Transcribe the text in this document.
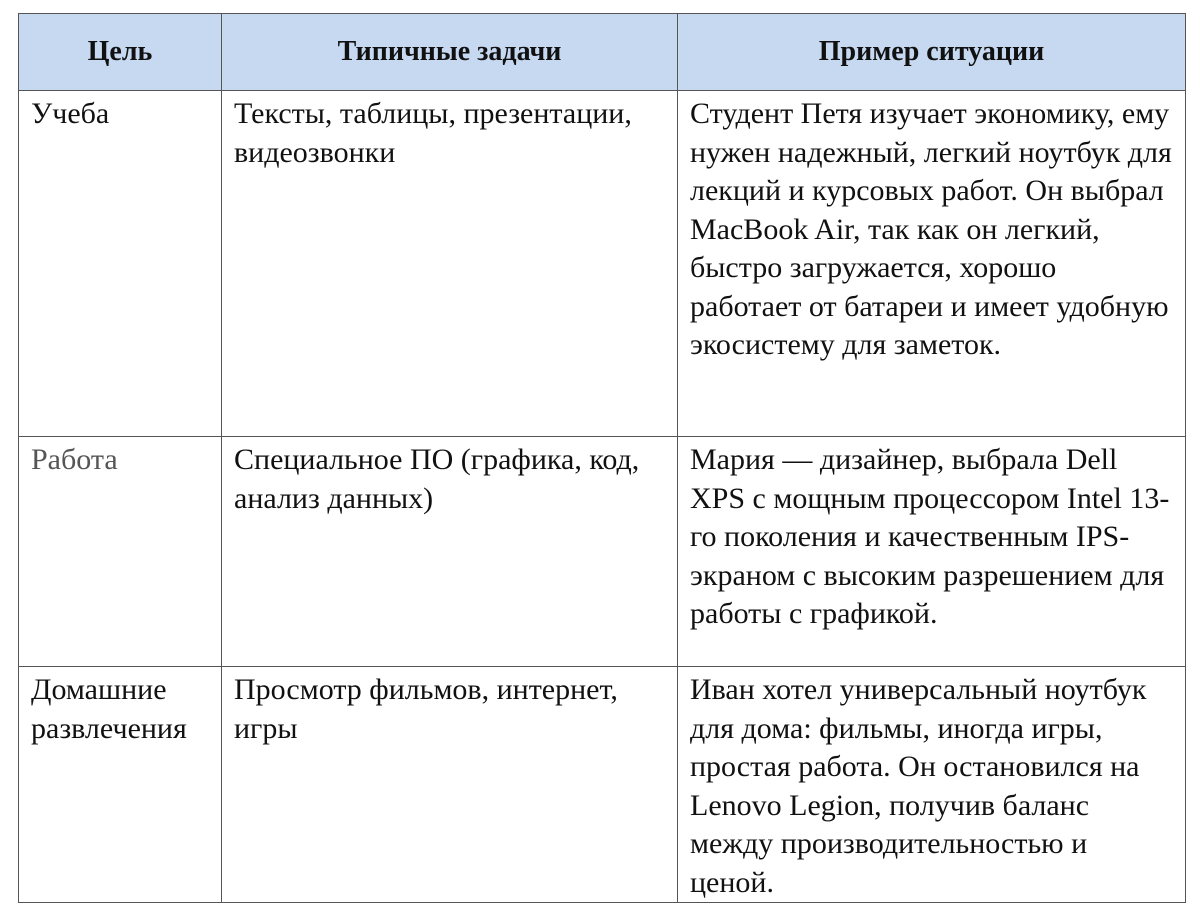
Цель	Типичные задачи	Пример ситуации
Учеба	Тексты, таблицы, презентации, видеозвонки	Студент Петя изучает экономику, ему нужен надежный, легкий ноутбук для лекций и курсовых работ. Он выбрал MacBook Air, так как он легкий, быстро загружается, хорошо работает от батареи и имеет удобную экосистему для заметок.
Работа	Специальное ПО (графика, код, анализ данных)	Мария — дизайнер, выбрала Dell XPS с мощным процессором Intel 13-го поколения и качественным IPS-экраном с высоким разрешением для работы с графикой.
Домашние развлечения	Просмотр фильмов, интернет, игры	Иван хотел универсальный ноутбук для дома: фильмы, иногда игры, простая работа. Он остановился на Lenovo Legion, получив баланс между производительностью и ценой.
